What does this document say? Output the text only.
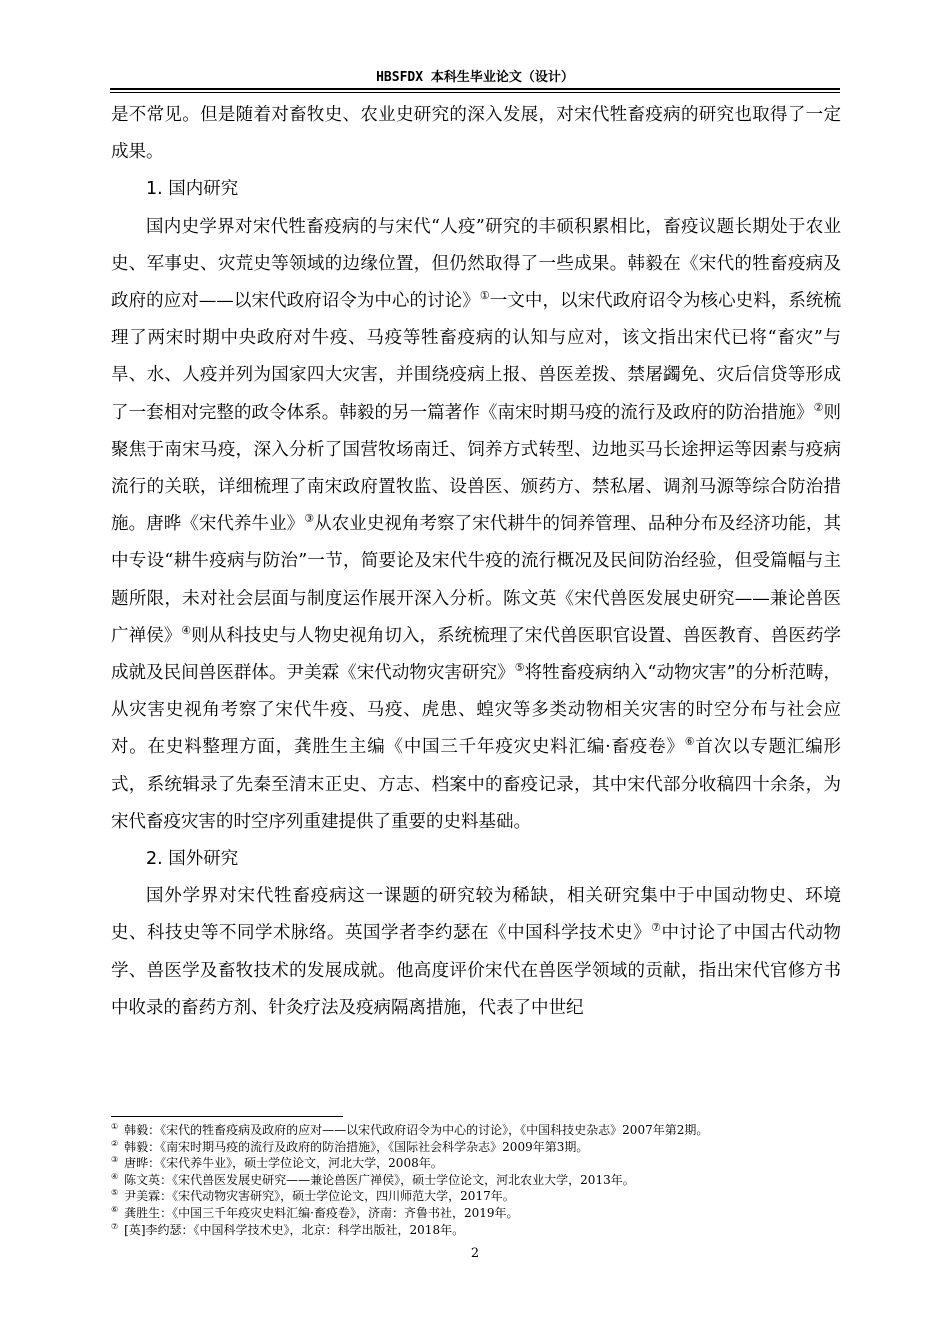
HBSFDX 本科生毕业论文（设计）

是不常见。但是随着对畜牧史、农业史研究的深入发展，对宋代牲畜疫病的研究也取得了一定成果。

1. 国内研究

国内史学界对宋代牲畜疫病的与宋代“人疫”研究的丰硕积累相比，畜疫议题长期处于农业史、军事史、灾荒史等领域的边缘位置，但仍然取得了一些成果。韩毅在《宋代的牲畜疫病及政府的应对——以宋代政府诏令为中心的讨论》①一文中，以宋代政府诏令为核心史料，系统梳理了两宋时期中央政府对牛疫、马疫等牲畜疫病的认知与应对，该文指出宋代已将“畜灾”与旱、水、人疫并列为国家四大灾害，并围绕疫病上报、兽医差拨、禁屠蠲免、灾后信贷等形成了一套相对完整的政令体系。韩毅的另一篇著作《南宋时期马疫的流行及政府的防治措施》②则聚焦于南宋马疫，深入分析了国营牧场南迁、饲养方式转型、边地买马长途押运等因素与疫病流行的关联，详细梳理了南宋政府置牧监、设兽医、颁药方、禁私屠、调剂马源等综合防治措施。唐晔《宋代养牛业》③从农业史视角考察了宋代耕牛的饲养管理、品种分布及经济功能，其中专设“耕牛疫病与防治”一节，简要论及宋代牛疫的流行概况及民间防治经验，但受篇幅与主题所限，未对社会层面与制度运作展开深入分析。陈文英《宋代兽医发展史研究——兼论兽医广禅侯》④则从科技史与人物史视角切入，系统梳理了宋代兽医职官设置、兽医教育、兽医药学成就及民间兽医群体。尹美霖《宋代动物灾害研究》⑤将牲畜疫病纳入“动物灾害”的分析范畴，从灾害史视角考察了宋代牛疫、马疫、虎患、蝗灾等多类动物相关灾害的时空分布与社会应对。在史料整理方面，龚胜生主编《中国三千年疫灾史料汇编·畜疫卷》⑥首次以专题汇编形式，系统辑录了先秦至清末正史、方志、档案中的畜疫记录，其中宋代部分收稿四十余条，为宋代畜疫灾害的时空序列重建提供了重要的史料基础。

2. 国外研究

国外学界对宋代牲畜疫病这一课题的研究较为稀缺，相关研究集中于中国动物史、环境史、科技史等不同学术脉络。英国学者李约瑟在《中国科学技术史》⑦中讨论了中国古代动物学、兽医学及畜牧技术的发展成就。他高度评价宋代在兽医学领域的贡献，指出宋代官修方书中收录的畜药方剂、针灸疗法及疫病隔离措施，代表了中世纪

① 韩毅：《宋代的牲畜疫病及政府的应对——以宋代政府诏令为中心的讨论》，《中国科技史杂志》2007年第2期。
② 韩毅：《南宋时期马疫的流行及政府的防治措施》，《国际社会科学杂志》2009年第3期。
③ 唐晔：《宋代养牛业》，硕士学位论文，河北大学，2008年。
④ 陈文英：《宋代兽医发展史研究——兼论兽医广禅侯》，硕士学位论文，河北农业大学，2013年。
⑤ 尹美霖：《宋代动物灾害研究》，硕士学位论文，四川师范大学，2017年。
⑥ 龚胜生：《中国三千年疫灾史料汇编·畜疫卷》，济南：齐鲁书社，2019年。
⑦ [英]李约瑟：《中国科学技术史》，北京：科学出版社，2018年。
2
